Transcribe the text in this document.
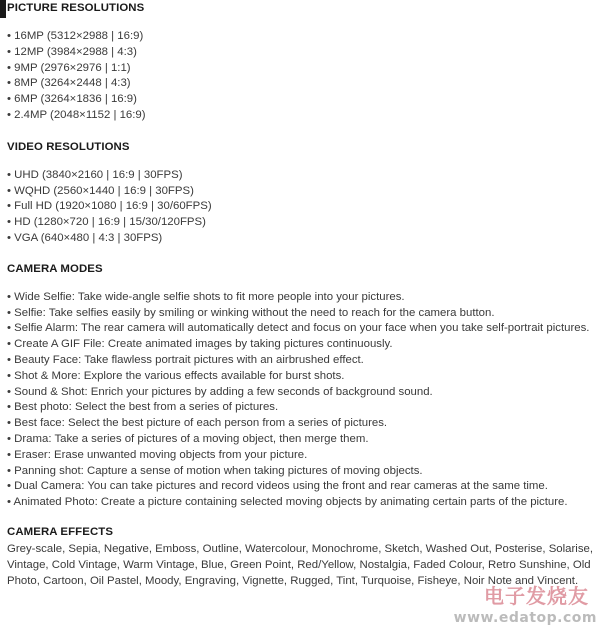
PICTURE RESOLUTIONS
• 16MP (5312×2988 | 16:9)
• 12MP (3984×2988 | 4:3)
• 9MP (2976×2976 | 1:1)
• 8MP (3264×2448 | 4:3)
• 6MP (3264×1836 | 16:9)
• 2.4MP (2048×1152 | 16:9)
VIDEO RESOLUTIONS
• UHD (3840×2160 | 16:9 | 30FPS)
• WQHD (2560×1440 | 16:9 | 30FPS)
• Full HD (1920×1080 | 16:9 | 30/60FPS)
• HD (1280×720 | 16:9 | 15/30/120FPS)
• VGA (640×480 | 4:3 | 30FPS)
CAMERA MODES
• Wide Selfie: Take wide-angle selfie shots to fit more people into your pictures.
• Selfie: Take selfies easily by smiling or winking without the need to reach for the camera button.
• Selfie Alarm: The rear camera will automatically detect and focus on your face when you take self-portrait pictures.
• Create A GIF File: Create animated images by taking pictures continuously.
• Beauty Face: Take flawless portrait pictures with an airbrushed effect.
• Shot & More: Explore the various effects available for burst shots.
• Sound & Shot: Enrich your pictures by adding a few seconds of background sound.
• Best photo: Select the best from a series of pictures.
• Best face: Select the best picture of each person from a series of pictures.
• Drama: Take a series of pictures of a moving object, then merge them.
• Eraser: Erase unwanted moving objects from your picture.
• Panning shot: Capture a sense of motion when taking pictures of moving objects.
• Dual Camera: You can take pictures and record videos using the front and rear cameras at the same time.
• Animated Photo: Create a picture containing selected moving objects by animating certain parts of the picture.
CAMERA EFFECTS

Grey-scale, Sepia, Negative, Emboss, Outline, Watercolour, Monochrome, Sketch, Washed Out, Posterise, Solarise, Vintage, Cold Vintage, Warm Vintage, Blue, Green Point, Red/Yellow, Nostalgia, Faded Colour, Retro Sunshine, Old Photo, Cartoon, Oil Pastel, Moody, Engraving, Vignette, Rugged, Tint, Turquoise, Fisheye, Noir Note and Vincent.

电子发烧友
www.edatop.com
